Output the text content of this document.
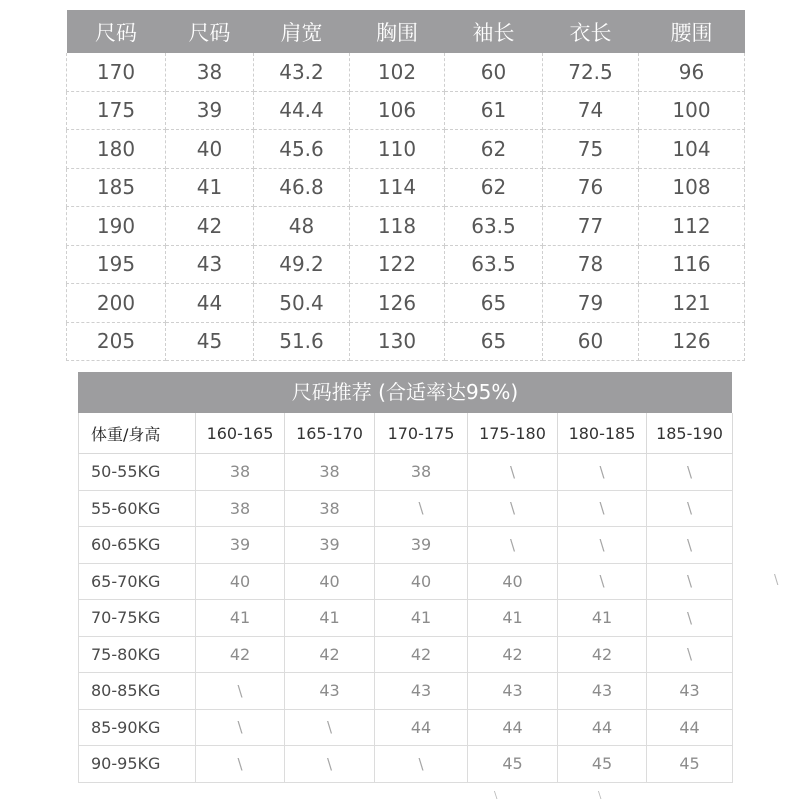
尺码	尺码	肩宽	胸围	袖长	衣长	腰围
170	38	43.2	102	60	72.5	96
175	39	44.4	106	61	74	100
180	40	45.6	110	62	75	104
185	41	46.8	114	62	76	108
190	42	48	118	63.5	77	112
195	43	49.2	122	63.5	78	116
200	44	50.4	126	65	79	121
205	45	51.6	130	65	60	126
尺码推荐 (合适率达95%)
体重/身高	160-165	165-170	170-175	175-180	180-185	185-190
50-55KG	38	38	38	\	\	\
55-60KG	38	38	\	\	\	\
60-65KG	39	39	39	\	\	\
65-70KG	40	40	40	40	\	\
70-75KG	41	41	41	41	41	\
75-80KG	42	42	42	42	42	\
80-85KG	\	43	43	43	43	43
85-90KG	\	\	44	44	44	44
90-95KG	\	\	\	45	45	45
\
\	\
